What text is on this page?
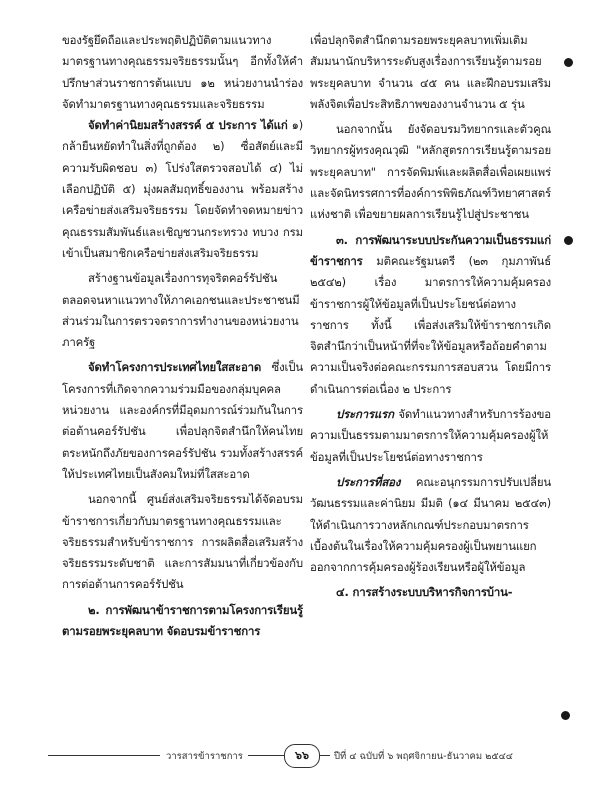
ของรัฐยึดถือและประพฤติปฏิบัติตามแนวทางมาตรฐานทางคุณธรรมจริยธรรมนั้นๆ อีกทั้งให้คำปรึกษาส่วนราชการต้นแบบ ๑๒ หน่วยงานนำร่องจัดทำมาตรฐานทางคุณธรรมและจริยธรรม

จัดทำค่านิยมสร้างสรรค์ ๕ ประการ ได้แก่ ๑) กล้ายืนหยัดทำในสิ่งที่ถูกต้อง ๒) ซื่อสัตย์และมีความรับผิดชอบ ๓) โปร่งใสตรวจสอบได้ ๔) ไม่เลือกปฏิบัติ ๕) มุ่งผลสัมฤทธิ์ของงาน พร้อมสร้างเครือข่ายส่งเสริมจริยธรรม โดยจัดทำจดหมายข่าวคุณธรรมสัมพันธ์และเชิญชวนกระทรวง ทบวง กรม เข้าเป็นสมาชิกเครือข่ายส่งเสริมจริยธรรม

สร้างฐานข้อมูลเรื่องการทุจริตคอร์รัปชันตลอดจนหาแนวทางให้ภาคเอกชนและประชาชนมีส่วนร่วมในการตรวจตราการทำงานของหน่วยงานภาครัฐ

จัดทำโครงการประเทศไทยใสสะอาด ซึ่งเป็นโครงการที่เกิดจากความร่วมมือของกลุ่มบุคคล หน่วยงาน และองค์กรที่มีอุดมการณ์ร่วมกันในการต่อต้านคอร์รัปชัน เพื่อปลุกจิตสำนึกให้คนไทยตระหนักถึงภัยของการคอร์รัปชัน รวมทั้งสร้างสรรค์ให้ประเทศไทยเป็นสังคมใหม่ที่ใสสะอาด

นอกจากนี้ ศูนย์ส่งเสริมจริยธรรมได้จัดอบรมข้าราชการเกี่ยวกับมาตรฐานทางคุณธรรมและจริยธรรมสำหรับข้าราชการ การผลิตสื่อเสริมสร้างจริยธรรมระดับชาติ และการสัมมนาที่เกี่ยวข้องกับการต่อต้านการคอร์รัปชัน

๒. การพัฒนาข้าราชการตามโครงการเรียนรู้ตามรอยพระยุคลบาท จัดอบรมข้าราชการ

เพื่อปลุกจิตสำนึกตามรอยพระยุคลบาทเพิ่มเติมสัมมนานักบริหารระดับสูงเรื่องการเรียนรู้ตามรอยพระยุคลบาท จำนวน ๔๕ คน และฝึกอบรมเสริมพลังจิตเพื่อประสิทธิภาพของงานจำนวน ๕ รุ่น

นอกจากนั้น ยังจัดอบรมวิทยากรและตัวคูณวิทยากรผู้ทรงคุณวุฒิ "หลักสูตรการเรียนรู้ตามรอยพระยุคลบาท" การจัดพิมพ์และผลิตสื่อเพื่อเผยแพร่ และจัดนิทรรศการที่องค์การพิพิธภัณฑ์วิทยาศาสตร์แห่งชาติ เพื่อขยายผลการเรียนรู้ไปสู่ประชาชน

๓. การพัฒนาระบบประกันความเป็นธรรมแก่ข้าราชการ มติคณะรัฐมนตรี (๒๓ กุมภาพันธ์ ๒๕๔๒) เรื่อง มาตรการให้ความคุ้มครองข้าราชการผู้ให้ข้อมูลที่เป็นประโยชน์ต่อทางราชการ ทั้งนี้ เพื่อส่งเสริมให้ข้าราชการเกิดจิตสำนึกว่าเป็นหน้าที่ที่จะให้ข้อมูลหรือถ้อยคำตามความเป็นจริงต่อคณะกรรมการสอบสวน โดยมีการดำเนินการต่อเนื่อง ๒ ประการ

ประการแรก จัดทำแนวทางสำหรับการร้องขอความเป็นธรรมตามมาตรการให้ความคุ้มครองผู้ให้ข้อมูลที่เป็นประโยชน์ต่อทางราชการ

ประการที่สอง คณะอนุกรรมการปรับเปลี่ยนวัฒนธรรมและค่านิยม มีมติ (๑๔ มีนาคม ๒๕๔๓) ให้ดำเนินการวางหลักเกณฑ์ประกอบมาตรการเบื้องต้นในเรื่องให้ความคุ้มครองผู้เป็นพยานแยกออกจากการคุ้มครองผู้ร้องเรียนหรือผู้ให้ข้อมูล

๔. การสร้างระบบบริหารกิจการบ้าน-

วารสารข้าราชการ	๖๖	ปีที่ ๔ ฉบับที่ ๖ พฤศจิกายน-ธันวาคม ๒๕๔๔
